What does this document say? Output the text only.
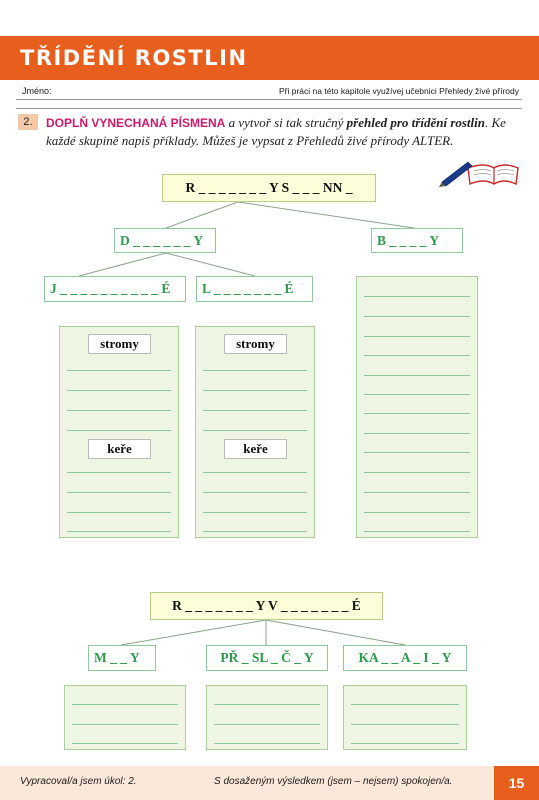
TŘÍDĚNÍ ROSTLIN
Jméno:	Při práci na této kapitole využívej učebnici Přehledy živé přírody
2.	DOPLŇ VYNECHANÁ PÍSMENA a vytvoř si tak stručný přehled pro třídění rostlin. Ke každé skupině napiš příklady. Můžeš je vypsat z Přehledů živé přírody ALTER.
R _ _ _ _ _ _ _ Y S _ _ _ NN _
D _ _ _ _ _ _ Y	B _ _ _ _ Y
J _ _ _ _ _ _ _ _ _ _ É	L _ _ _ _ _ _ _ É
stromy	stromy
keře	keře
R _ _ _ _ _ _ _ Y V _ _ _ _ _ _ _ É
M _ _ Y	PŘ _ SL _ Č _ Y	KA _ _ A _ I _ Y
Vypracoval/a jsem úkol: 2.	S dosaženým výsledkem (jsem – nejsem) spokojen/a.	15
